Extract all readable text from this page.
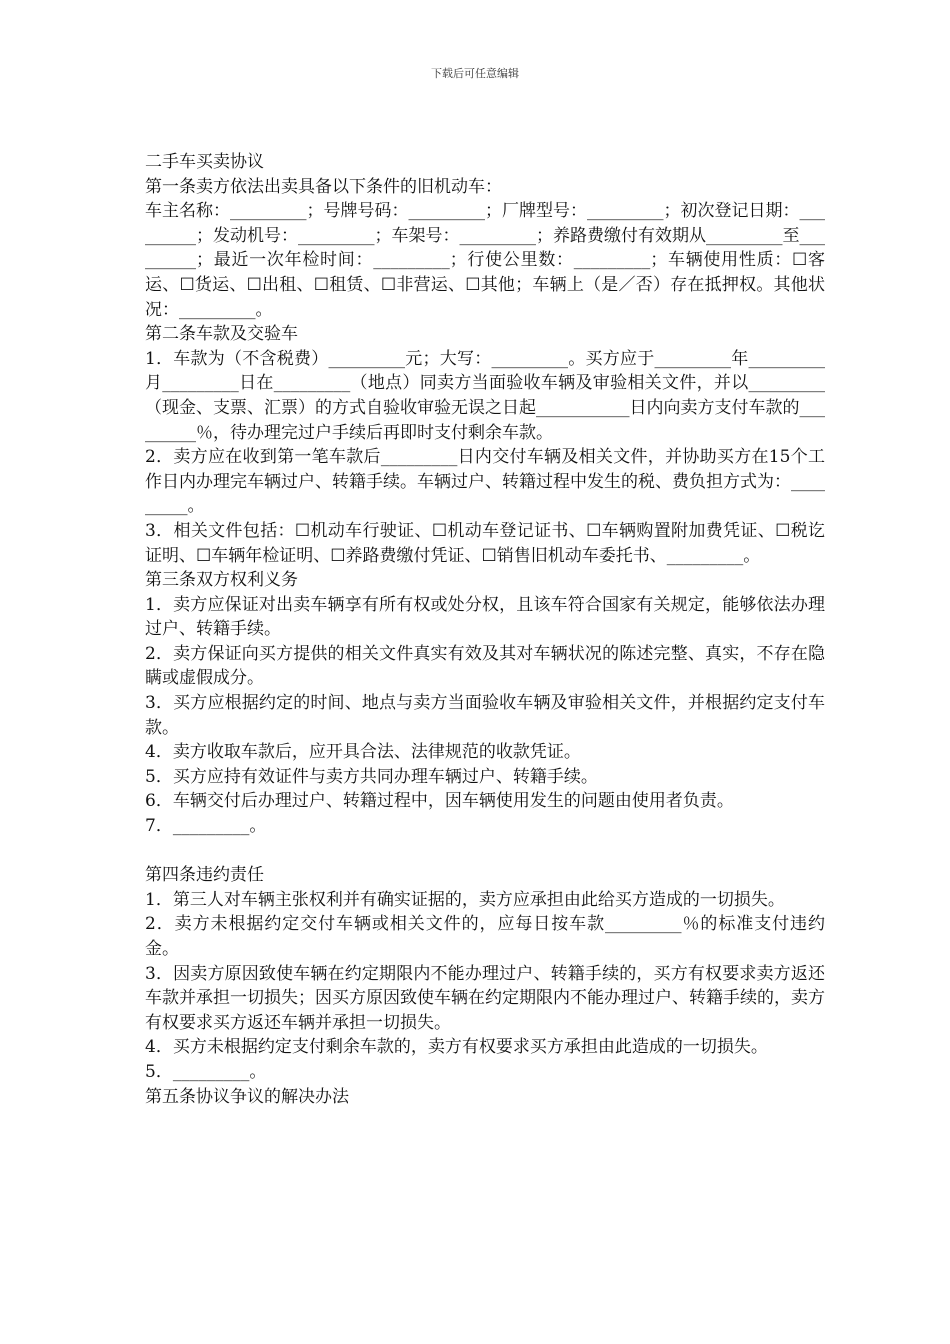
下载后可任意编辑

二手车买卖协议

第一条卖方依法出卖具备以下条件的旧机动车：

车主名称：_________；号牌号码：_________；厂牌型号：_________；初次登记日期：_________；发动机号：_________；车架号：_________；养路费缴付有效期从_________至_________；最近一次年检时间：_________；行使公里数：_________；车辆使用性质：☐客运、☐货运、☐出租、☐租赁、☐非营运、☐其他；车辆上（是／否）存在抵押权。其他状况：_________。

第二条车款及交验车

1．车款为（不含税费）_________元；大写：_________。买方应于_________年_________月_________日在_________（地点）同卖方当面验收车辆及审验相关文件，并以_________（现金、支票、汇票）的方式自验收审验无误之日起___________日内向卖方支付车款的_________％，待办理完过户手续后再即时支付剩余车款。

2．卖方应在收到第一笔车款后_________日内交付车辆及相关文件，并协助买方在15个工作日内办理完车辆过户、转籍手续。车辆过户、转籍过程中发生的税、费负担方式为：_________。

3．相关文件包括：☐机动车行驶证、☐机动车登记证书、☐车辆购置附加费凭证、☐税讫证明、☐车辆年检证明、☐养路费缴付凭证、☐销售旧机动车委托书、_________。

第三条双方权利义务

1．卖方应保证对出卖车辆享有所有权或处分权，且该车符合国家有关规定，能够依法办理过户、转籍手续。

2．卖方保证向买方提供的相关文件真实有效及其对车辆状况的陈述完整、真实，不存在隐瞒或虚假成分。

3．买方应根据约定的时间、地点与卖方当面验收车辆及审验相关文件，并根据约定支付车款。

4．卖方收取车款后，应开具合法、法律规范的收款凭证。

5．买方应持有效证件与卖方共同办理车辆过户、转籍手续。

6．车辆交付后办理过户、转籍过程中，因车辆使用发生的问题由使用者负责。

7．_________。

第四条违约责任

1．第三人对车辆主张权利并有确实证据的，卖方应承担由此给买方造成的一切损失。

2．卖方未根据约定交付车辆或相关文件的，应每日按车款_________％的标准支付违约金。

3．因卖方原因致使车辆在约定期限内不能办理过户、转籍手续的，买方有权要求卖方返还车款并承担一切损失；因买方原因致使车辆在约定期限内不能办理过户、转籍手续的，卖方有权要求买方返还车辆并承担一切损失。

4．买方未根据约定支付剩余车款的，卖方有权要求买方承担由此造成的一切损失。

5．_________。

第五条协议争议的解决办法
